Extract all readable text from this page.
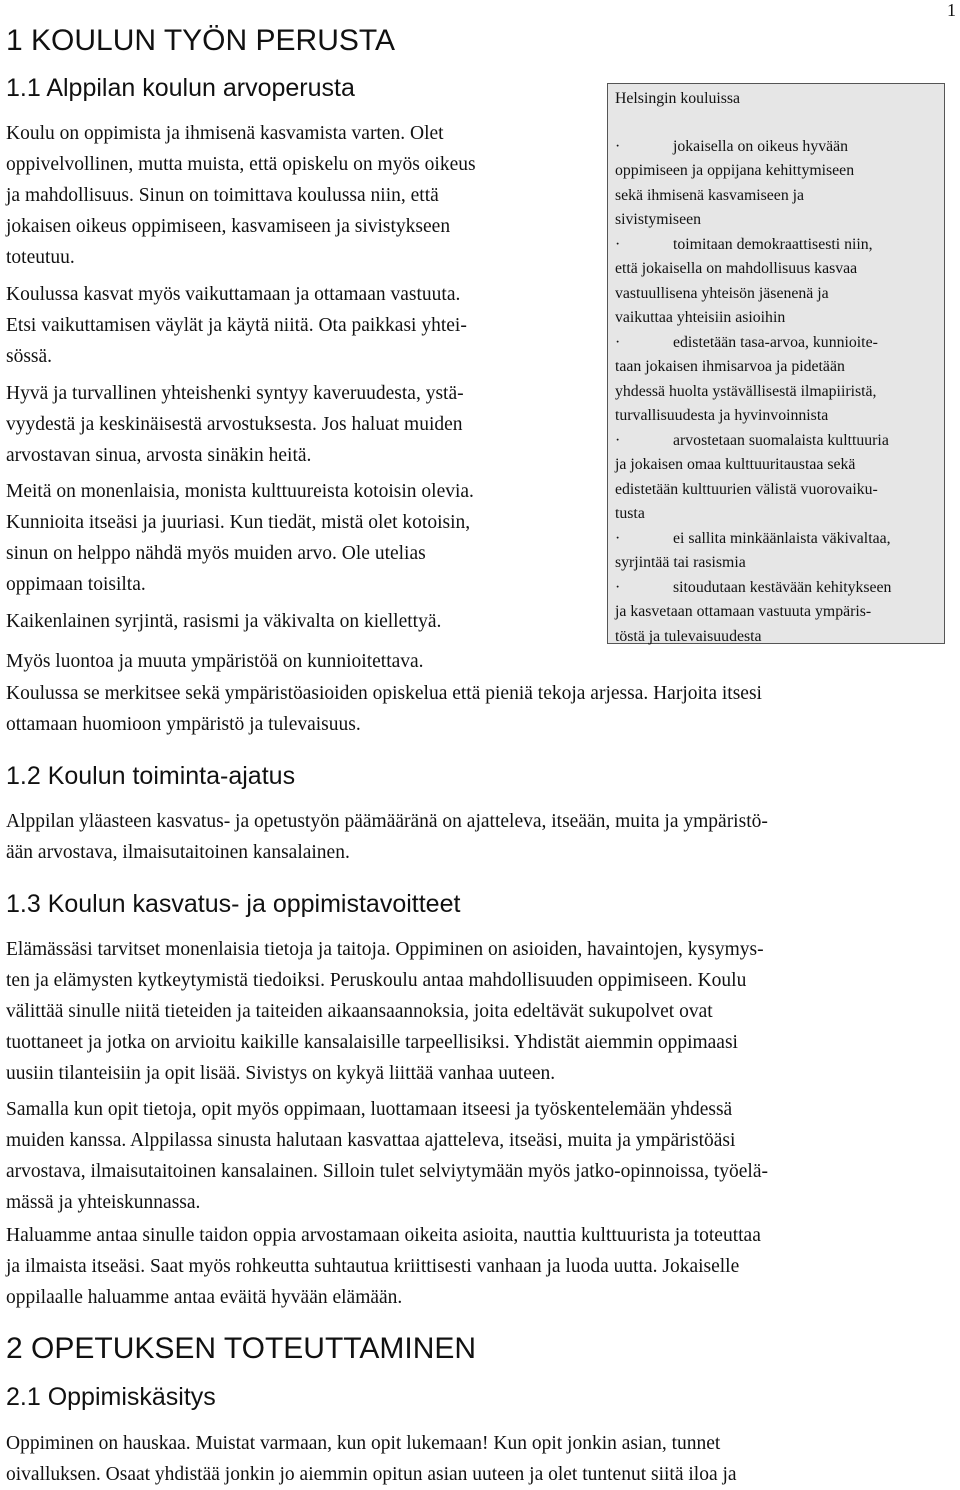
1
1 KOULUN TYÖN PERUSTA
1.1 Alppilan koulun arvoperusta

Koulu on oppimista ja ihmisenä kasvamista varten. Olet
oppivelvollinen, mutta muista, että opiskelu on myös oikeus
ja mahdollisuus. Sinun on toimittava koulussa niin, että
jokaisen oikeus oppimiseen, kasvamiseen ja sivistykseen
toteutuu.

Koulussa kasvat myös vaikuttamaan ja ottamaan vastuuta.
Etsi vaikuttamisen väylät ja käytä niitä. Ota paikkasi yhtei-
sössä.

Hyvä ja turvallinen yhteishenki syntyy kaveruudesta, ystä-
vyydestä ja keskinäisestä arvostuksesta. Jos haluat muiden
arvostavan sinua, arvosta sinäkin heitä.

Meitä on monenlaisia, monista kulttuureista kotoisin olevia.
Kunnioita itseäsi ja juuriasi. Kun tiedät, mistä olet kotoisin,
sinun on helppo nähdä myös muiden arvo. Ole utelias
oppimaan toisilta.

Kaikenlainen syrjintä, rasismi ja väkivalta on kiellettyä.

Myös luontoa ja muuta ympäristöä on kunnioitettava.

Koulussa se merkitsee sekä ympäristöasioiden opiskelua että pieniä tekoja arjessa. Harjoita itsesi
ottamaan huomioon ympäristö ja tulevaisuus.

Helsingin kouluissa

·	jokaisella on oikeus hyvään
oppimiseen ja oppijana kehittymiseen
sekä ihmisenä kasvamiseen ja
sivistymiseen
·	toimitaan demokraattisesti niin,
että jokaisella on mahdollisuus kasvaa
vastuullisena yhteisön jäsenenä ja
vaikuttaa yhteisiin asioihin
·	edistetään tasa-arvoa, kunnioite-
taan jokaisen ihmisarvoa ja pidetään
yhdessä huolta ystävällisestä ilmapiiristä,
turvallisuudesta ja hyvinvoinnista
·	arvostetaan suomalaista kulttuuria
ja jokaisen omaa kulttuuritaustaa sekä
edistetään kulttuurien välistä vuorovaiku-
tusta
·	ei sallita minkäänlaista väkivaltaa,
syrjintää tai rasismia
·	sitoudutaan kestävään kehitykseen
ja kasvetaan ottamaan vastuuta ympäris-
töstä ja tulevaisuudesta
1.2 Koulun toiminta-ajatus

Alppilan yläasteen kasvatus- ja opetustyön päämääränä on ajatteleva, itseään, muita ja ympäristö-
ään arvostava, ilmaisutaitoinen kansalainen.

1.3 Koulun kasvatus- ja oppimistavoitteet

Elämässäsi tarvitset monenlaisia tietoja ja taitoja. Oppiminen on asioiden, havaintojen, kysymys-
ten ja elämysten kytkeytymistä tiedoiksi. Peruskoulu antaa mahdollisuuden oppimiseen. Koulu
välittää sinulle niitä tieteiden ja taiteiden aikaansaannoksia, joita edeltävät sukupolvet ovat
tuottaneet ja jotka on arvioitu kaikille kansalaisille tarpeellisiksi. Yhdistät aiemmin oppimaasi
uusiin tilanteisiin ja opit lisää. Sivistys on kykyä liittää vanhaa uuteen.

Samalla kun opit tietoja, opit myös oppimaan, luottamaan itseesi ja työskentelemään yhdessä
muiden kanssa. Alppilassa sinusta halutaan kasvattaa ajatteleva, itseäsi, muita ja ympäristöäsi
arvostava, ilmaisutaitoinen kansalainen. Silloin tulet selviytymään myös jatko-opinnoissa, työelä-
mässä ja yhteiskunnassa.

Haluamme antaa sinulle taidon oppia arvostamaan oikeita asioita, nauttia kulttuurista ja toteuttaa
ja ilmaista itseäsi. Saat myös rohkeutta suhtautua kriittisesti vanhaan ja luoda uutta. Jokaiselle
oppilaalle haluamme antaa eväitä hyvään elämään.

2 OPETUKSEN TOTEUTTAMINEN
2.1 Oppimiskäsitys

Oppiminen on hauskaa. Muistat varmaan, kun opit lukemaan! Kun opit jonkin asian, tunnet
oivalluksen. Osaat yhdistää jonkin jo aiemmin opitun asian uuteen ja olet tuntenut siitä iloa ja
